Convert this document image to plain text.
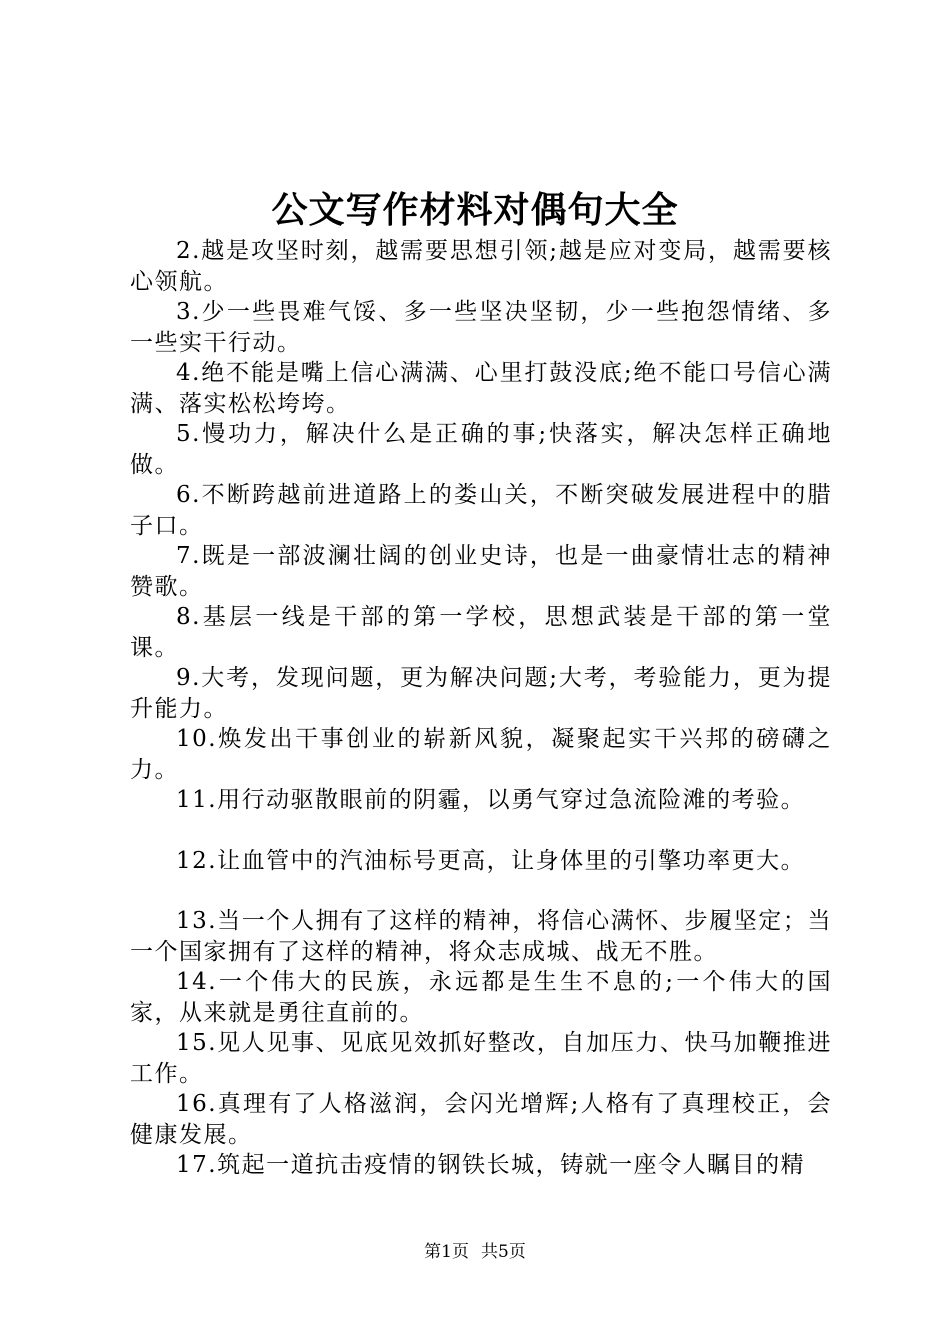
公文写作材料对偶句大全

2.越是攻坚时刻，越需要思想引领;越是应对变局，越需要核心领航。

3.少一些畏难气馁、多一些坚决坚韧，少一些抱怨情绪、多一些实干行动。

4.绝不能是嘴上信心满满、心里打鼓没底;绝不能口号信心满满、落实松松垮垮。

5.慢功力，解决什么是正确的事;快落实，解决怎样正确地做。

6.不断跨越前进道路上的娄山关，不断突破发展进程中的腊子口。

7.既是一部波澜壮阔的创业史诗，也是一曲豪情壮志的精神赞歌。

8.基层一线是干部的第一学校，思想武装是干部的第一堂课。

9.大考，发现问题，更为解决问题;大考，考验能力，更为提升能力。

10.焕发出干事创业的崭新风貌，凝聚起实干兴邦的磅礴之力。

11.用行动驱散眼前的阴霾，以勇气穿过急流险滩的考验。

12.让血管中的汽油标号更高，让身体里的引擎功率更大。

13.当一个人拥有了这样的精神，将信心满怀、步履坚定；当一个国家拥有了这样的精神，将众志成城、战无不胜。

14.一个伟大的民族，永远都是生生不息的;一个伟大的国家，从来就是勇往直前的。

15.见人见事、见底见效抓好整改，自加压力、快马加鞭推进工作。

16.真理有了人格滋润，会闪光增辉;人格有了真理校正，会健康发展。

17.筑起一道抗击疫情的钢铁长城，铸就一座令人瞩目的精

第1页 共5页
